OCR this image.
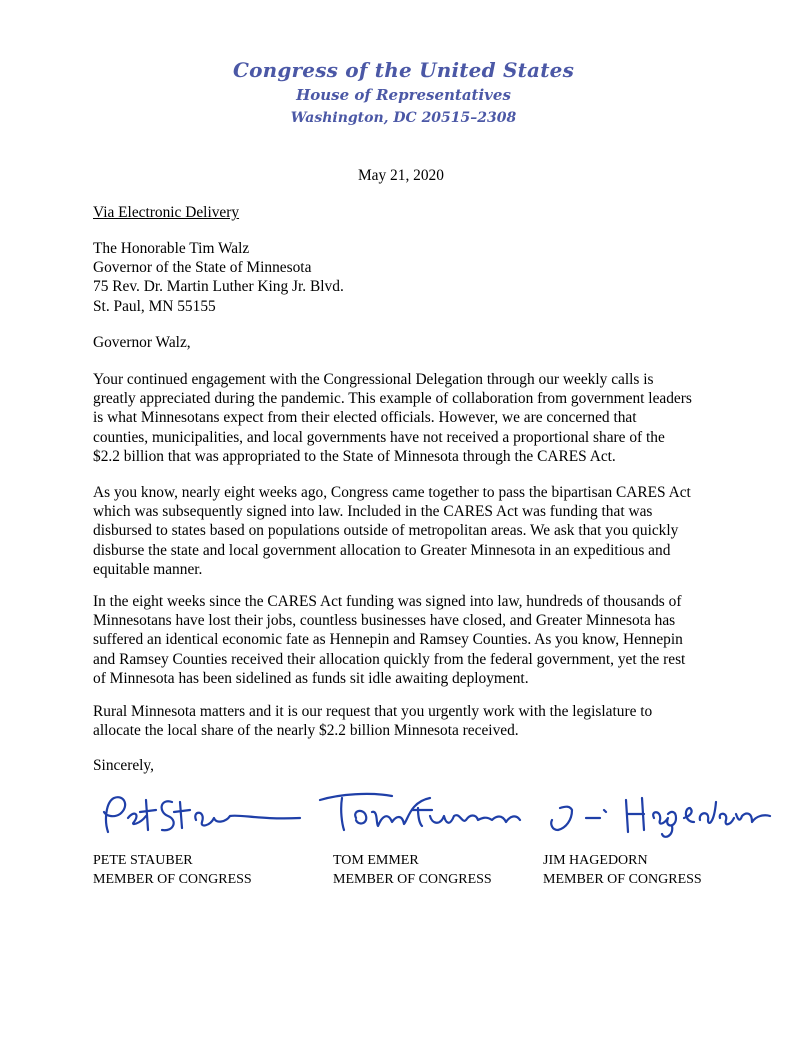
Congress of the United States
House of Representatives
Washington, DC 20515–2308
May 21, 2020
Via Electronic Delivery
The Honorable Tim Walz
Governor of the State of Minnesota
75 Rev. Dr. Martin Luther King Jr. Blvd.
St. Paul, MN 55155
Governor Walz,
Your continued engagement with the Congressional Delegation through our weekly calls is
greatly appreciated during the pandemic. This example of collaboration from government leaders
is what Minnesotans expect from their elected officials. However, we are concerned that
counties, municipalities, and local governments have not received a proportional share of the
$2.2 billion that was appropriated to the State of Minnesota through the CARES Act.
As you know, nearly eight weeks ago, Congress came together to pass the bipartisan CARES Act
which was subsequently signed into law. Included in the CARES Act was funding that was
disbursed to states based on populations outside of metropolitan areas. We ask that you quickly
disburse the state and local government allocation to Greater Minnesota in an expeditious and
equitable manner.
In the eight weeks since the CARES Act funding was signed into law, hundreds of thousands of
Minnesotans have lost their jobs, countless businesses have closed, and Greater Minnesota has
suffered an identical economic fate as Hennepin and Ramsey Counties. As you know, Hennepin
and Ramsey Counties received their allocation quickly from the federal government, yet the rest
of Minnesota has been sidelined as funds sit idle awaiting deployment.
Rural Minnesota matters and it is our request that you urgently work with the legislature to
allocate the local share of the nearly $2.2 billion Minnesota received.
Sincerely,
PETE STAUBER
MEMBER OF CONGRESS
TOM EMMER
MEMBER OF CONGRESS
JIM HAGEDORN
MEMBER OF CONGRESS
